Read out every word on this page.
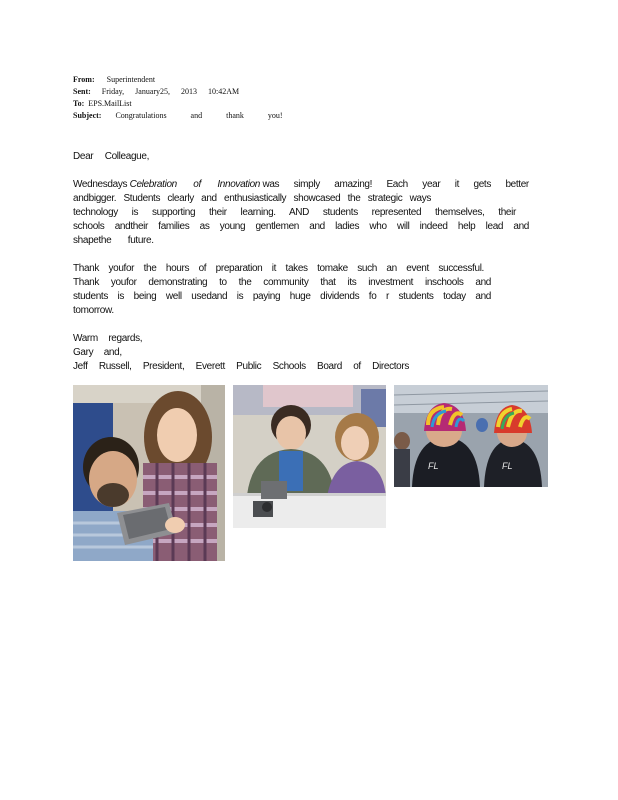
From: Superintendent
Sent: Friday, January25, 2013 10:42AM
To: EPS.MailList
Subject: Congratulations and thank you!
Dear Colleague,
Wednesdays Celebration of Innovation was simply amazing! Each year it gets better
andbigger. Students clearly and enthusiastically showcased the strategic ways
technology is supporting their learning. AND students represented themselves, their
schools andtheir families as young gentlemen and ladies who will indeed help lead and
shapethe future.
Thank youfor the hours of preparation it takes tomake such an event successful.
Thank youfor demonstrating to the community that its investment inschools and
students is being well usedand is paying huge dividends fo r students today and
tomorrow.
Warm regards,
Gary and,
Jeff Russell, President, Everett Public Schools Board of Directors
FL	FL
